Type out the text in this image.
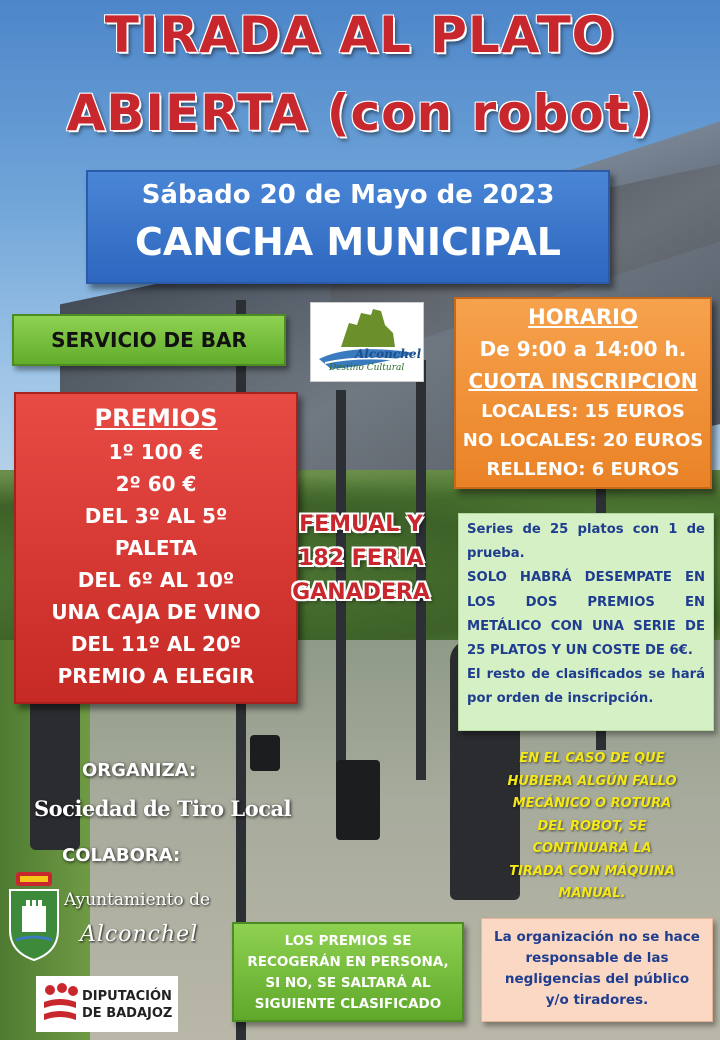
TIRADA AL PLATO
ABIERTA (con robot)
Sábado 20 de Mayo de 2023
CANCHA MUNICIPAL
SERVICIO DE BAR
Alconchel
Destino Cultural
HORARIO
De 9:00 a 14:00 h.
CUOTA INSCRIPCION
LOCALES: 15 EUROS
NO LOCALES: 20 EUROS
RELLENO: 6 EUROS
PREMIOS
1º 100 €
2º 60 €
DEL 3º AL 5º
PALETA
DEL 6º AL 10º
UNA CAJA DE VINO
DEL 11º AL 20º
PREMIO A ELEGIR
FEMUAL Y
182 FERIA
GANADERA

Series de 25 platos con 1 de prueba.

SOLO HABRÁ DESEMPATE EN LOS DOS PREMIOS EN METÁLICO CON UNA SERIE DE 25 PLATOS Y UN COSTE DE 6€.

El resto de clasificados se hará por orden de inscripción.

EN EL CASO DE QUE
HUBIERA ALGÚN FALLO
MECÁNICO O ROTURA
DEL ROBOT, SE
CONTINUARÁ LA
TIRADA CON MÁQUINA
MANUAL.
ORGANIZA:
Sociedad de Tiro Local
COLABORA:
Ayuntamiento de
Alconchel
DIPUTACIÓN
DE BADAJOZ
LOS PREMIOS SE
RECOGERÁN EN PERSONA,
SI NO, SE SALTARÁ AL
SIGUIENTE CLASIFICADO
La organización no se hace
responsable de las
negligencias del público
y/o tiradores.
